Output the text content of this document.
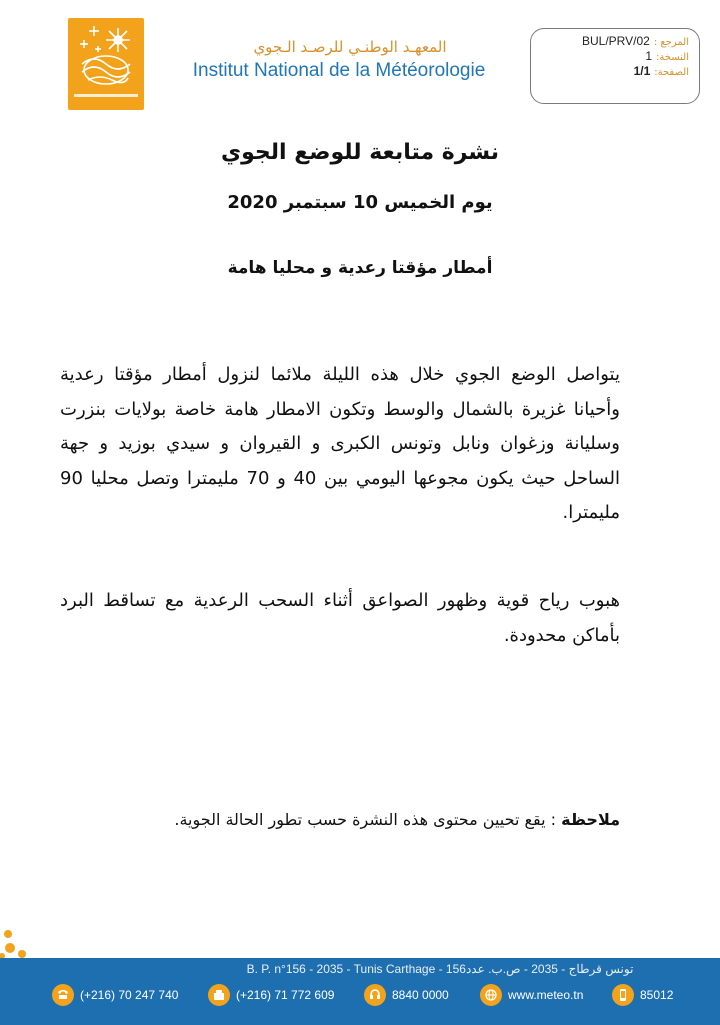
المعهـد الوطنـي للرصـد الـجوي
Institut National de la Météorologie
BUL/PRV/02 المرجع :
1 النسخة:
1/1 الصفحة:
نشرة متابعة للوضع الجوي
يوم الخميس 10 سبتمبر 2020
أمطار مؤقتا رعدية و محليا هامة
يتواصل الوضع الجوي خلال هذه الليلة ملائما لنزول أمطار مؤقتا رعدية وأحيانا غزيرة بالشمال والوسط وتكون الامطار هامة خاصة بولايات بنزرت وسليانة وزغوان ونابل وتونس الكبرى و القيروان و سيدي بوزيد و جهة الساحل حيث يكون مجوعها اليومي بين 40 و 70 مليمترا وتصل محليا 90 مليمترا.
هبوب رياح قوية وظهور الصواعق أثناء السحب الرعدية مع تساقط البرد بأماكن محدودة.
ملاحظة : يقع تحيين محتوى هذه النشرة حسب تطور الحالة الجوية.
B. P. n°156 - 2035 - Tunis Carthage - تونس قرطاج - 2035 - ص.ب. عدد156
(+216) 70 247 740	(+216) 71 772 609	8840 0000	www.meteo.tn	85012
